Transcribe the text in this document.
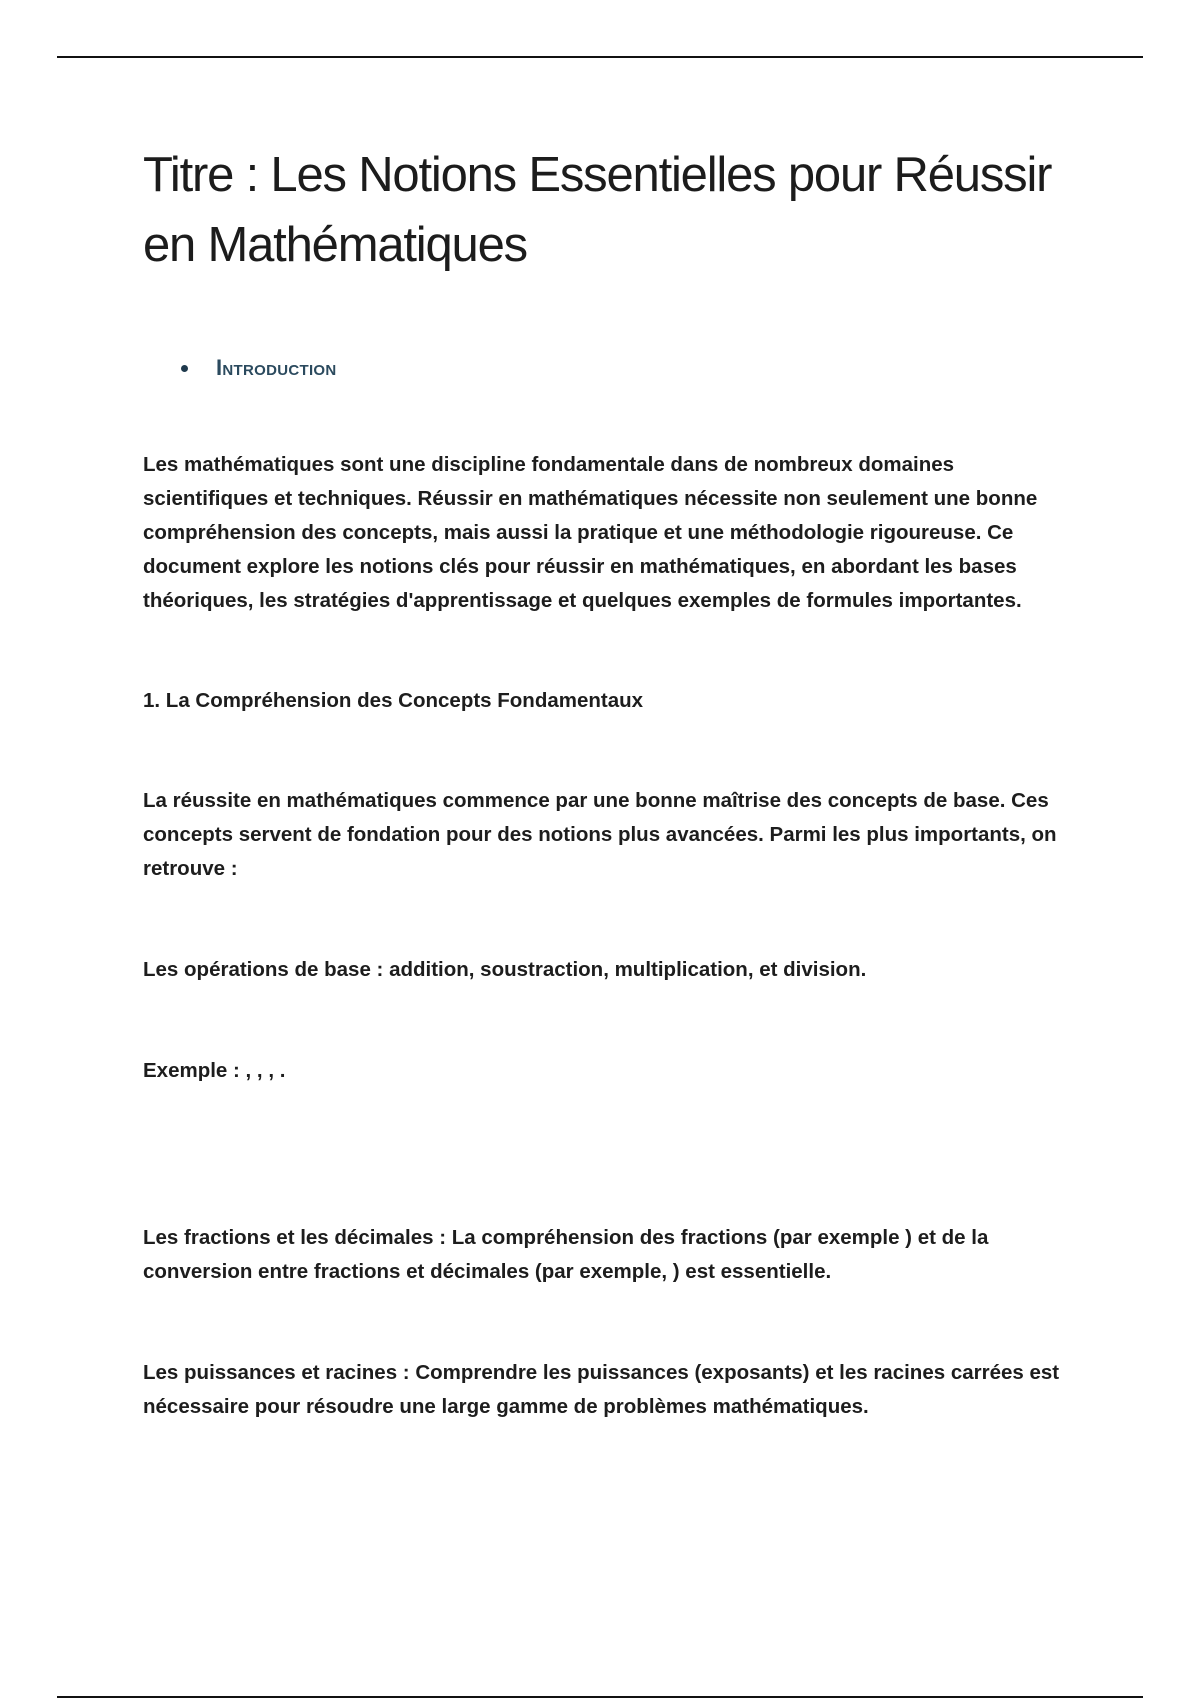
Titre : Les Notions Essentielles pour Réussir en Mathématiques
Introduction

Les mathématiques sont une discipline fondamentale dans de nombreux domaines scientifiques et techniques. Réussir en mathématiques nécessite non seulement une bonne compréhension des concepts, mais aussi la pratique et une méthodologie rigoureuse. Ce document explore les notions clés pour réussir en mathématiques, en abordant les bases théoriques, les stratégies d'apprentissage et quelques exemples de formules importantes.

1. La Compréhension des Concepts Fondamentaux

La réussite en mathématiques commence par une bonne maîtrise des concepts de base. Ces concepts servent de fondation pour des notions plus avancées. Parmi les plus importants, on retrouve :

Les opérations de base : addition, soustraction, multiplication, et division.

Exemple : , , , .

Les fractions et les décimales : La compréhension des fractions (par exemple ) et de la conversion entre fractions et décimales (par exemple, ) est essentielle.

Les puissances et racines : Comprendre les puissances (exposants) et les racines carrées est nécessaire pour résoudre une large gamme de problèmes mathématiques.
